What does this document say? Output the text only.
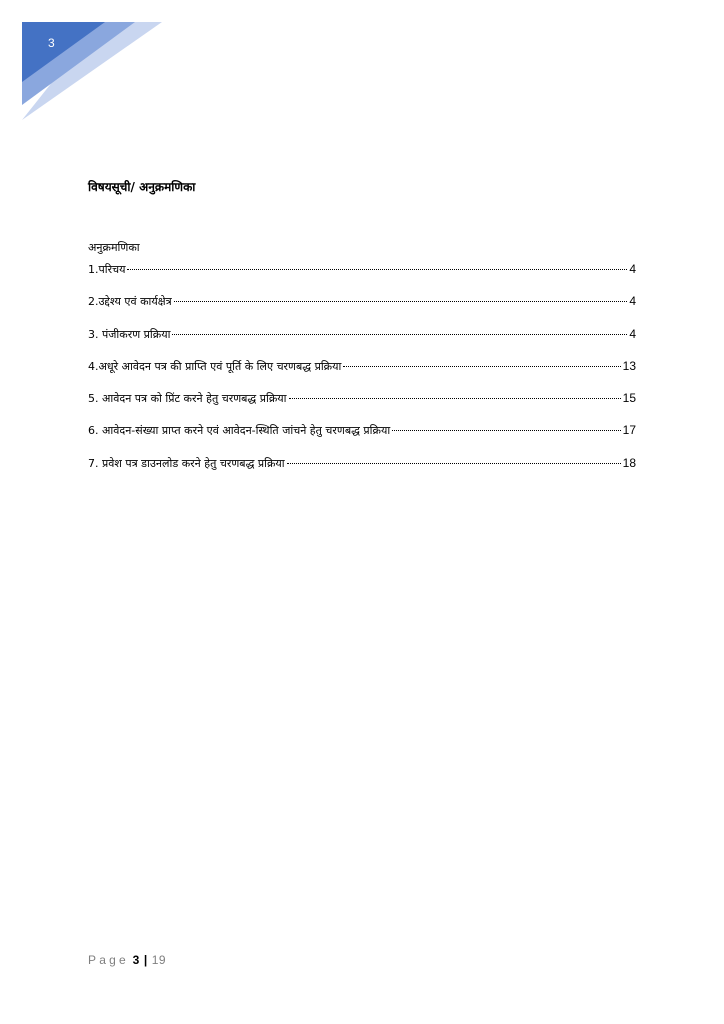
3
विषयसूची/ अनुक्रमणिका
अनुक्रमणिका
1.परिचय	4
2.उद्देश्य एवं कार्यक्षेत्र	4
3. पंजीकरण प्रक्रिया	4
4.अधूरे आवेदन पत्र की प्राप्ति एवं पूर्ति के लिए चरणबद्ध प्रक्रिया	13
5. आवेदन पत्र को प्रिंट करने हेतु चरणबद्ध प्रक्रिया	15
6. आवेदन-संख्या प्राप्त करने एवं आवेदन-स्थिति जांचने हेतु चरणबद्ध प्रक्रिया	17
7. प्रवेश पत्र डाउनलोड करने हेतु चरणबद्ध प्रक्रिया	18
Page 3 | 19
